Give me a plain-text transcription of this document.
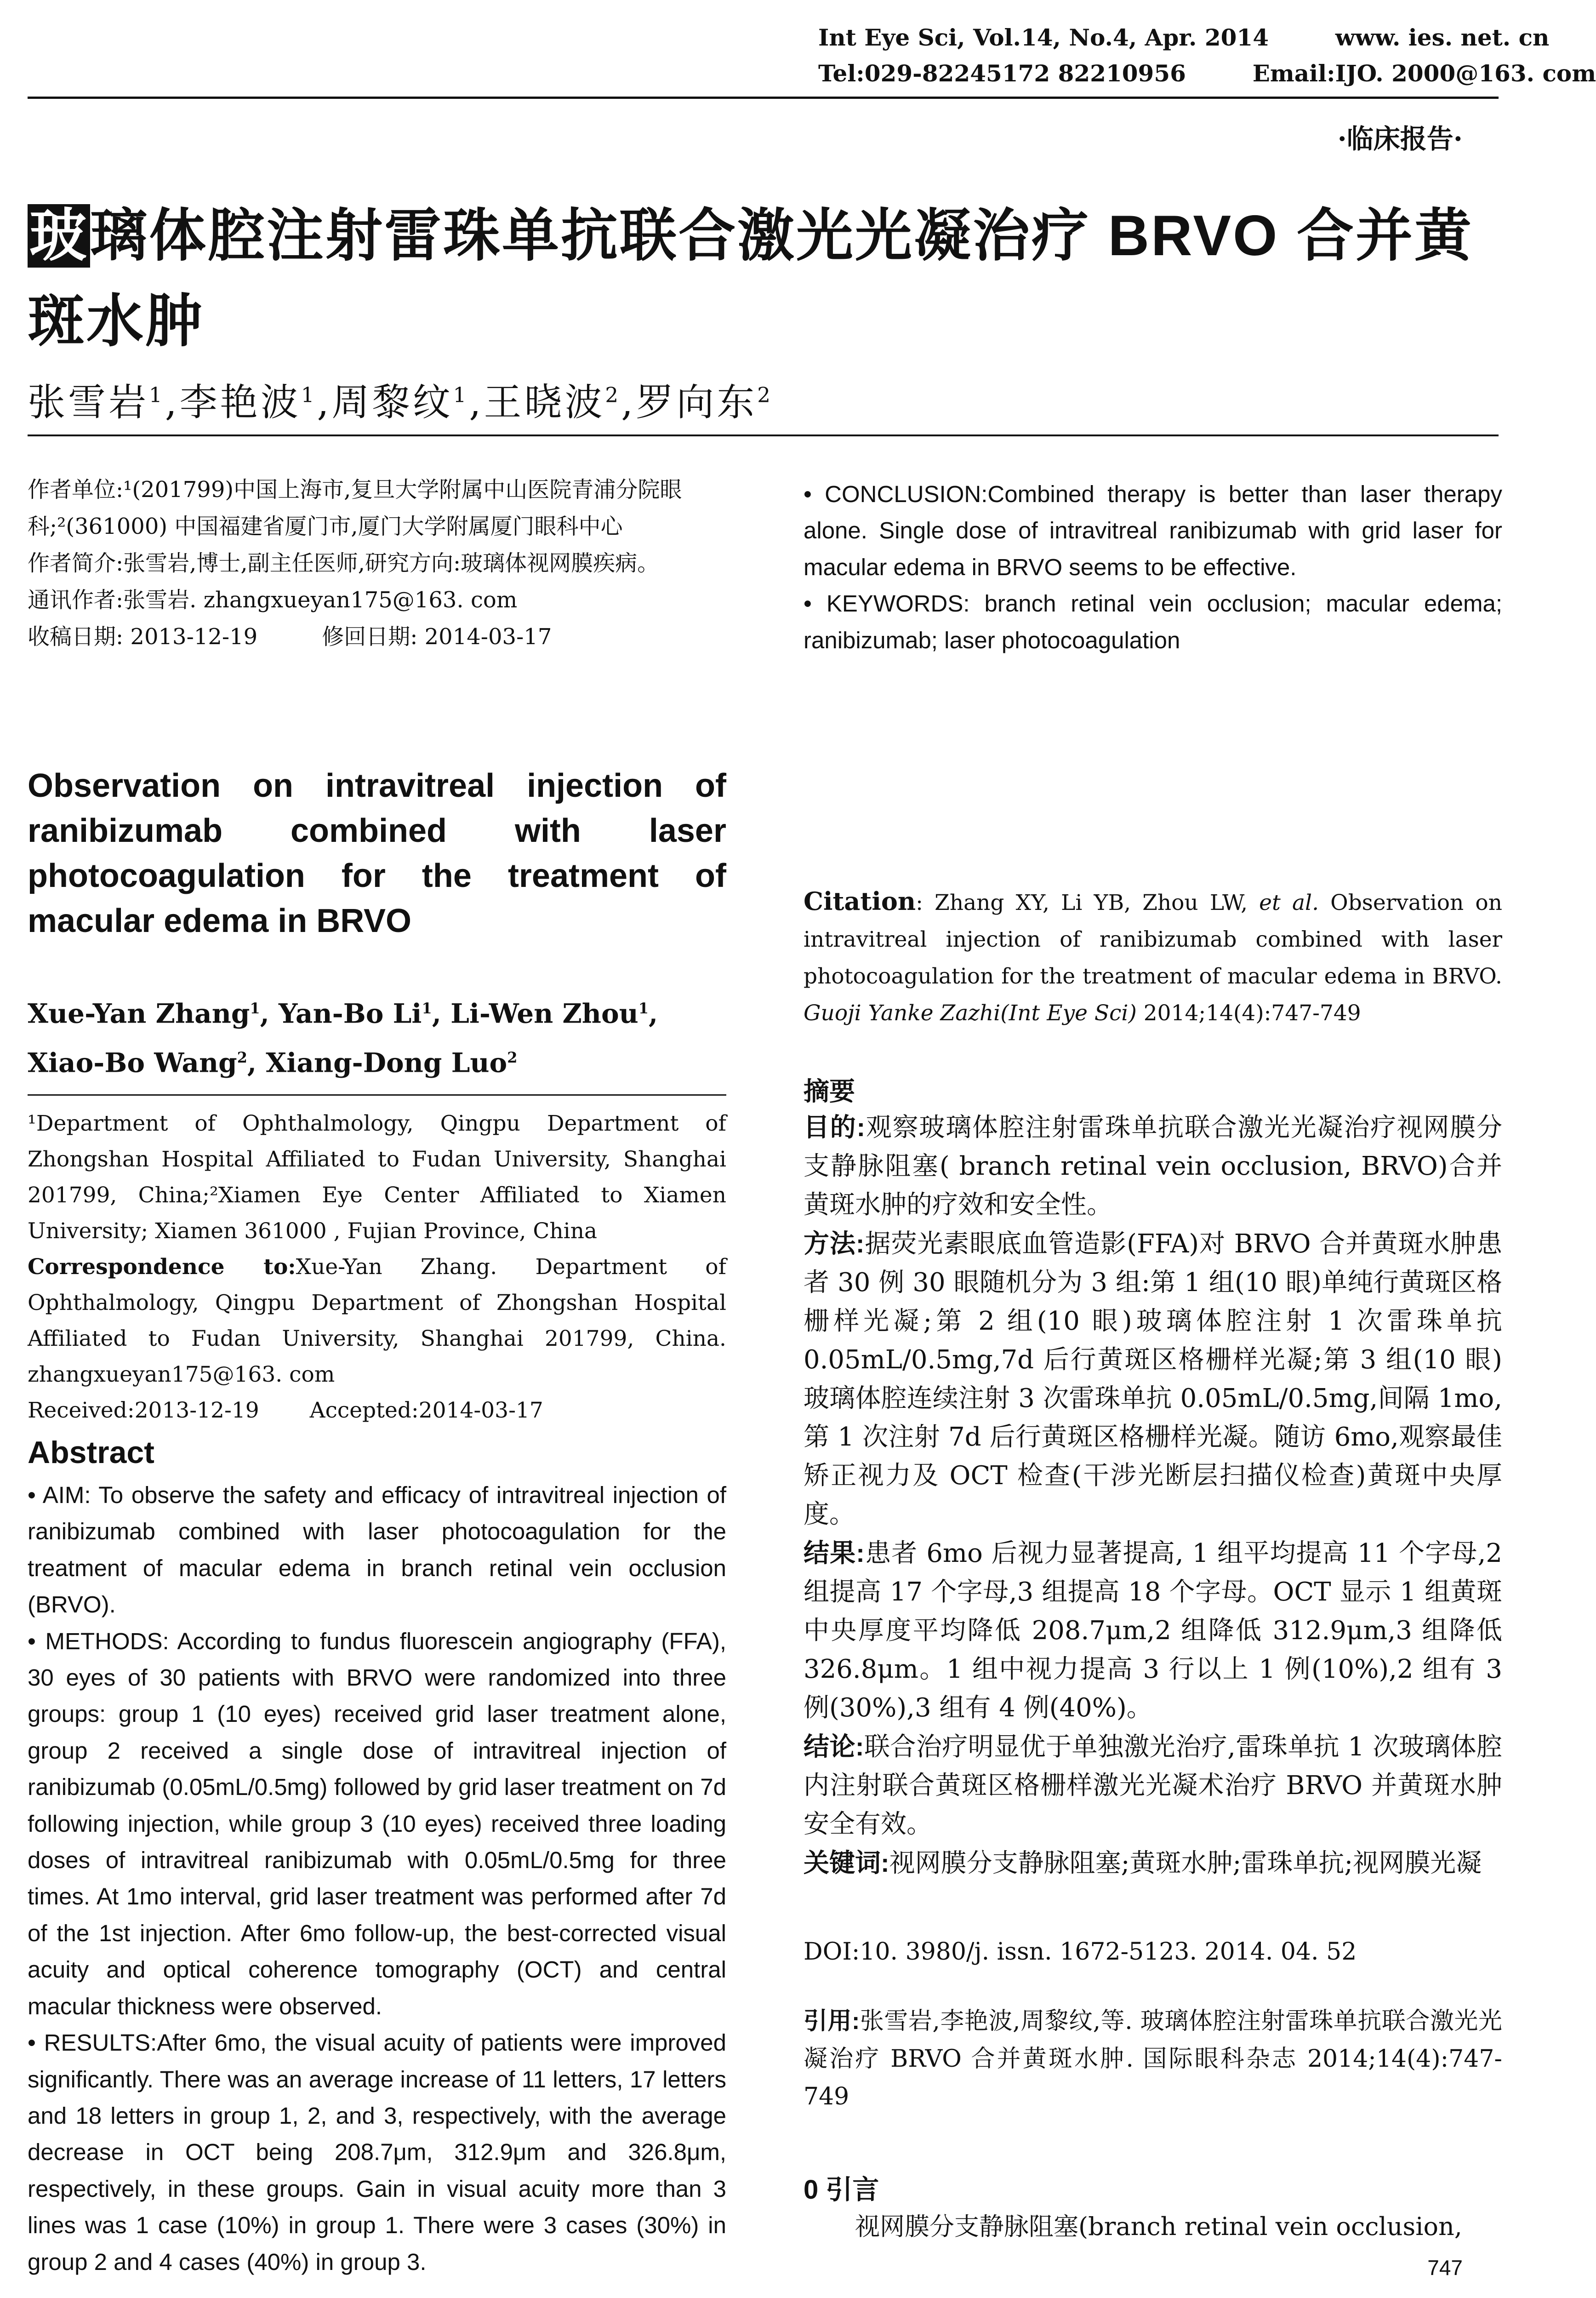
Int Eye Sci, Vol.14, No.4, Apr. 2014	www. ies. net. cn
Tel:029-82245172 82210956	Email:IJO. 2000@163. com
·临床报告·
玻璃体腔注射雷珠单抗联合激光光凝治疗 BRVO 合并黄斑水肿
张雪岩$^1$,李艳波$^1$,周黎纹$^1$,王晓波$^2$,罗向东$^2$

作者单位:¹(201799)中国上海市,复旦大学附属中山医院青浦分院眼科;²(361000) 中国福建省厦门市,厦门大学附属厦门眼科中心

作者简介:张雪岩,博士,副主任医师,研究方向:玻璃体视网膜疾病。

通讯作者:张雪岩. zhangxueyan175@163. com

收稿日期: 2013-12-19	修回日期: 2014-03-17

Observation on intravitreal injection of ranibizumab combined with laser photocoagulation for the treatment of macular edema in BRVO
Xue-Yan Zhang$^1$, Yan-Bo Li$^1$, Li-Wen Zhou$^1$,
Xiao-Bo Wang$^2$, Xiang-Dong Luo$^2$

¹Department of Ophthalmology, Qingpu Department of Zhongshan Hospital Affiliated to Fudan University, Shanghai 201799, China;²Xiamen Eye Center Affiliated to Xiamen University; Xiamen 361000 , Fujian Province, China

Correspondence to:Xue-Yan Zhang. Department of Ophthalmology, Qingpu Department of Zhongshan Hospital Affiliated to Fudan University, Shanghai 201799, China. zhangxueyan175@163. com

Received:2013-12-19 Accepted:2014-03-17

Abstract

• AIM: To observe the safety and efficacy of intravitreal injection of ranibizumab combined with laser photocoagulation for the treatment of macular edema in branch retinal vein occlusion (BRVO).

• METHODS: According to fundus fluorescein angiography (FFA), 30 eyes of 30 patients with BRVO were randomized into three groups: group 1 (10 eyes) received grid laser treatment alone, group 2 received a single dose of intravitreal injection of ranibizumab (0.05mL/0.5mg) followed by grid laser treatment on 7d following injection, while group 3 (10 eyes) received three loading doses of intravitreal ranibizumab with 0.05mL/0.5mg for three times. At 1mo interval, grid laser treatment was performed after 7d of the 1st injection. After 6mo follow-up, the best-corrected visual acuity and optical coherence tomography (OCT) and central macular thickness were observed.

• RESULTS:After 6mo, the visual acuity of patients were improved significantly. There was an average increase of 11 letters, 17 letters and 18 letters in group 1, 2, and 3, respectively, with the average decrease in OCT being 208.7μm, 312.9μm and 326.8μm, respectively, in these groups. Gain in visual acuity more than 3 lines was 1 case (10%) in group 1. There were 3 cases (30%) in group 2 and 4 cases (40%) in group 3.

• CONCLUSION:Combined therapy is better than laser therapy alone. Single dose of intravitreal ranibizumab with grid laser for macular edema in BRVO seems to be effective.

• KEYWORDS: branch retinal vein occlusion; macular edema; ranibizumab; laser photocoagulation

Citation: Zhang XY, Li YB, Zhou LW, et al. Observation on intravitreal injection of ranibizumab combined with laser photocoagulation for the treatment of macular edema in BRVO. Guoji Yanke Zazhi(Int Eye Sci) 2014;14(4):747-749
摘要

目的:观察玻璃体腔注射雷珠单抗联合激光光凝治疗视网膜分支静脉阻塞( branch retinal vein occlusion, BRVO)合并黄斑水肿的疗效和安全性。

方法:据荧光素眼底血管造影(FFA)对 BRVO 合并黄斑水肿患者 30 例 30 眼随机分为 3 组:第 1 组(10 眼)单纯行黄斑区格栅样光凝;第 2 组(10 眼)玻璃体腔注射 1 次雷珠单抗 0.05mL/0.5mg,7d 后行黄斑区格栅样光凝;第 3 组(10 眼)玻璃体腔连续注射 3 次雷珠单抗 0.05mL/0.5mg,间隔 1mo,第 1 次注射 7d 后行黄斑区格栅样光凝。随访 6mo,观察最佳矫正视力及 OCT 检查(干涉光断层扫描仪检查)黄斑中央厚度。

结果:患者 6mo 后视力显著提高, 1 组平均提高 11 个字母,2 组提高 17 个字母,3 组提高 18 个字母。OCT 显示 1 组黄斑中央厚度平均降低 208.7μm,2 组降低 312.9μm,3 组降低 326.8μm。1 组中视力提高 3 行以上 1 例(10%),2 组有 3 例(30%),3 组有 4 例(40%)。

结论:联合治疗明显优于单独激光治疗,雷珠单抗 1 次玻璃体腔内注射联合黄斑区格栅样激光光凝术治疗 BRVO 并黄斑水肿安全有效。

关键词:视网膜分支静脉阻塞;黄斑水肿;雷珠单抗;视网膜光凝

DOI:10. 3980/j. issn. 1672-5123. 2014. 04. 52
引用:张雪岩,李艳波,周黎纹,等. 玻璃体腔注射雷珠单抗联合激光光凝治疗 BRVO 合并黄斑水肿. 国际眼科杂志 2014;14(4):747-749
0 引言
视网膜分支静脉阻塞(branch retinal vein occlusion,
747
